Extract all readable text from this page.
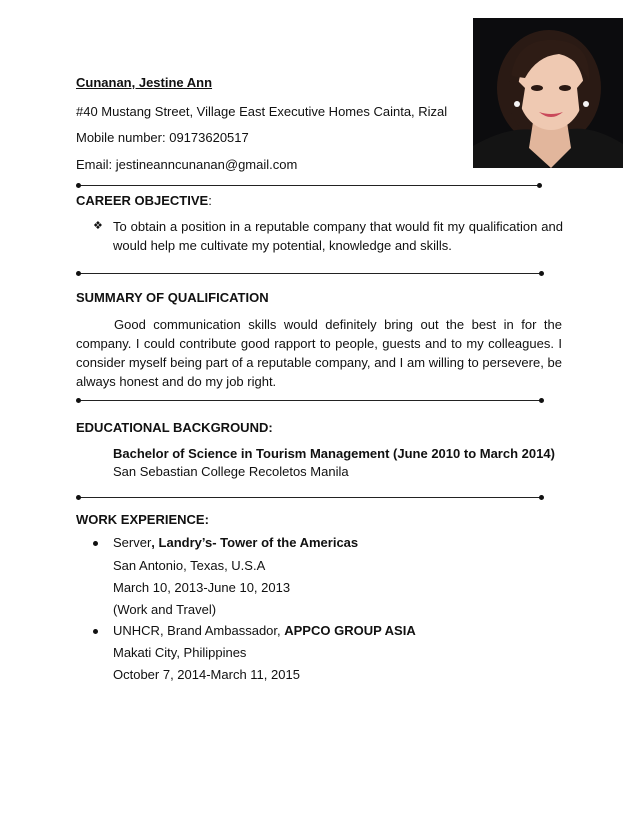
Cunanan, Jestine Ann
#40 Mustang Street, Village East Executive Homes Cainta, Rizal
Mobile number: 09173620517
Email: jestineanncunanan@gmail.com
CAREER OBJECTIVE:
❖ To obtain a position in a reputable company that would fit my qualification and would help me cultivate my potential, knowledge and skills.
SUMMARY OF QUALIFICATION
Good communication skills would definitely bring out the best in for the company. I could contribute good rapport to people, guests and to my colleagues. I consider myself being part of a reputable company, and I am willing to persevere, be always honest and do my job right.
EDUCATIONAL BACKGROUND:
Bachelor of Science in Tourism Management (June 2010 to March 2014)
San Sebastian College Recoletos Manila
WORK EXPERIENCE:
Server, Landry’s- Tower of the Americas
San Antonio, Texas, U.S.A
March 10, 2013-June 10, 2013
(Work and Travel)
UNHCR, Brand Ambassador, APPCO GROUP ASIA
Makati City, Philippines
October 7, 2014-March 11, 2015
